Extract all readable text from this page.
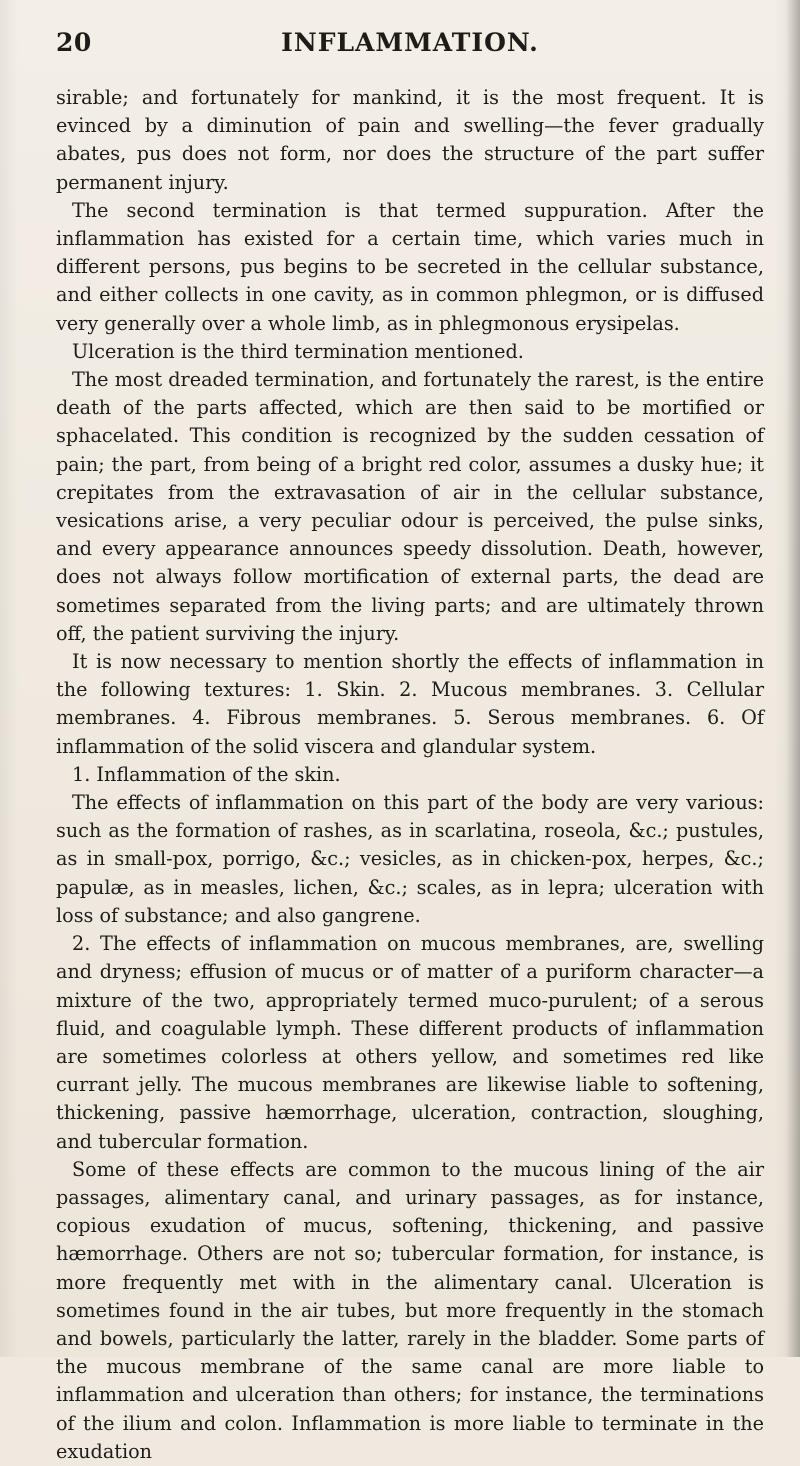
20	INFLAMMATION.

sirable; and fortunately for mankind, it is the most frequent. It is evinced by a diminution of pain and swelling—the fever gradually abates, pus does not form, nor does the structure of the part suffer permanent injury.

The second termination is that termed suppuration. After the inflammation has existed for a certain time, which varies much in different persons, pus begins to be secreted in the cellular substance, and either collects in one cavity, as in common phlegmon, or is diffused very generally over a whole limb, as in phlegmonous erysipelas.

Ulceration is the third termination mentioned.

The most dreaded termination, and fortunately the rarest, is the entire death of the parts affected, which are then said to be mortified or sphacelated. This condition is recognized by the sudden cessation of pain; the part, from being of a bright red color, assumes a dusky hue; it crepitates from the extravasation of air in the cellular substance, vesications arise, a very peculiar odour is perceived, the pulse sinks, and every appearance announces speedy dissolution. Death, however, does not always follow mortification of external parts, the dead are sometimes separated from the living parts; and are ultimately thrown off, the patient surviving the injury.

It is now necessary to mention shortly the effects of inflammation in the following textures: 1. Skin. 2. Mucous membranes. 3. Cellular membranes. 4. Fibrous membranes. 5. Serous membranes. 6. Of inflammation of the solid viscera and glandular system.

1. Inflammation of the skin.

The effects of inflammation on this part of the body are very various: such as the formation of rashes, as in scarlatina, roseola, &c.; pustules, as in small-pox, porrigo, &c.; vesicles, as in chicken-pox, herpes, &c.; papulæ, as in measles, lichen, &c.; scales, as in lepra; ulceration with loss of substance; and also gangrene.

2. The effects of inflammation on mucous membranes, are, swelling and dryness; effusion of mucus or of matter of a puriform character—a mixture of the two, appropriately termed muco-purulent; of a serous fluid, and coagulable lymph. These different products of inflammation are sometimes colorless at others yellow, and sometimes red like currant jelly. The mucous membranes are likewise liable to softening, thickening, passive hæmorrhage, ulceration, contraction, sloughing, and tubercular formation.

Some of these effects are common to the mucous lining of the air passages, alimentary canal, and urinary passages, as for instance, copious exudation of mucus, softening, thickening, and passive hæmorrhage. Others are not so; tubercular formation, for instance, is more frequently met with in the alimentary canal. Ulceration is sometimes found in the air tubes, but more frequently in the stomach and bowels, particularly the latter, rarely in the bladder. Some parts of the mucous membrane of the same canal are more liable to inflammation and ulceration than others; for instance, the terminations of the ilium and colon. Inflammation is more liable to terminate in the exudation
